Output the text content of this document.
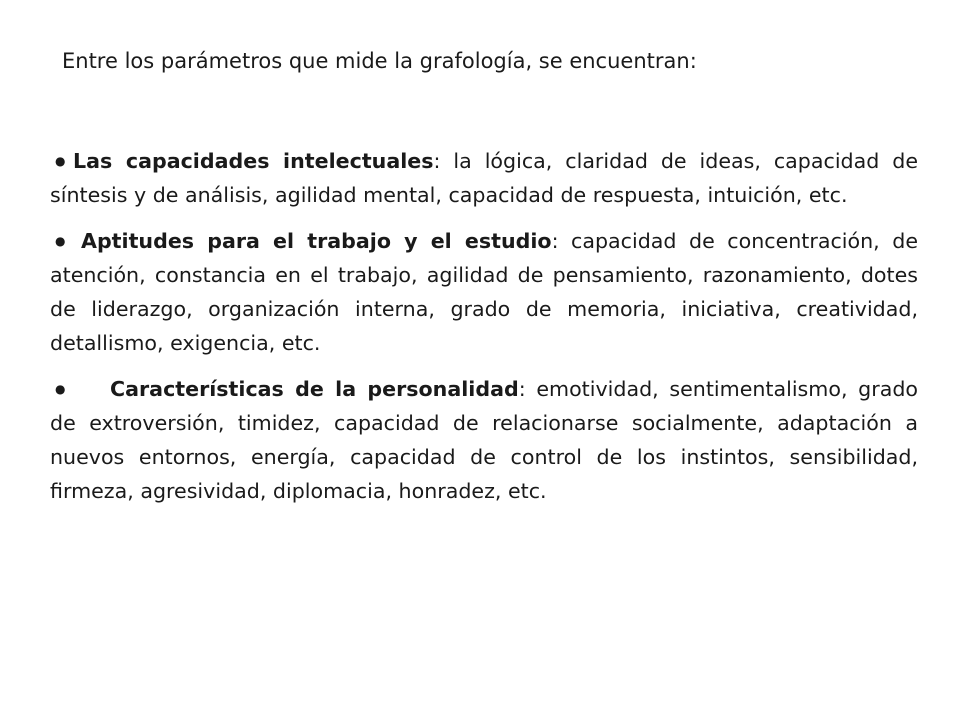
Entre los parámetros que mide la grafología, se encuentran:

● Las capacidades intelectuales: la lógica, claridad de ideas, capacidad de síntesis y de análisis, agilidad mental, capacidad de respuesta, intuición, etc.

● Aptitudes para el trabajo y el estudio: capacidad de concentración, de atención, constancia en el trabajo, agilidad de pensamiento, razonamiento, dotes de liderazgo, organización interna, grado de memoria, iniciativa, creatividad, detallismo, exigencia, etc.

● Características de la personalidad: emotividad, sentimentalismo, grado de extroversión, timidez, capacidad de relacionarse socialmente, adaptación a nuevos entornos, energía, capacidad de control de los instintos, sensibilidad, firmeza, agresividad, diplomacia, honradez, etc.
